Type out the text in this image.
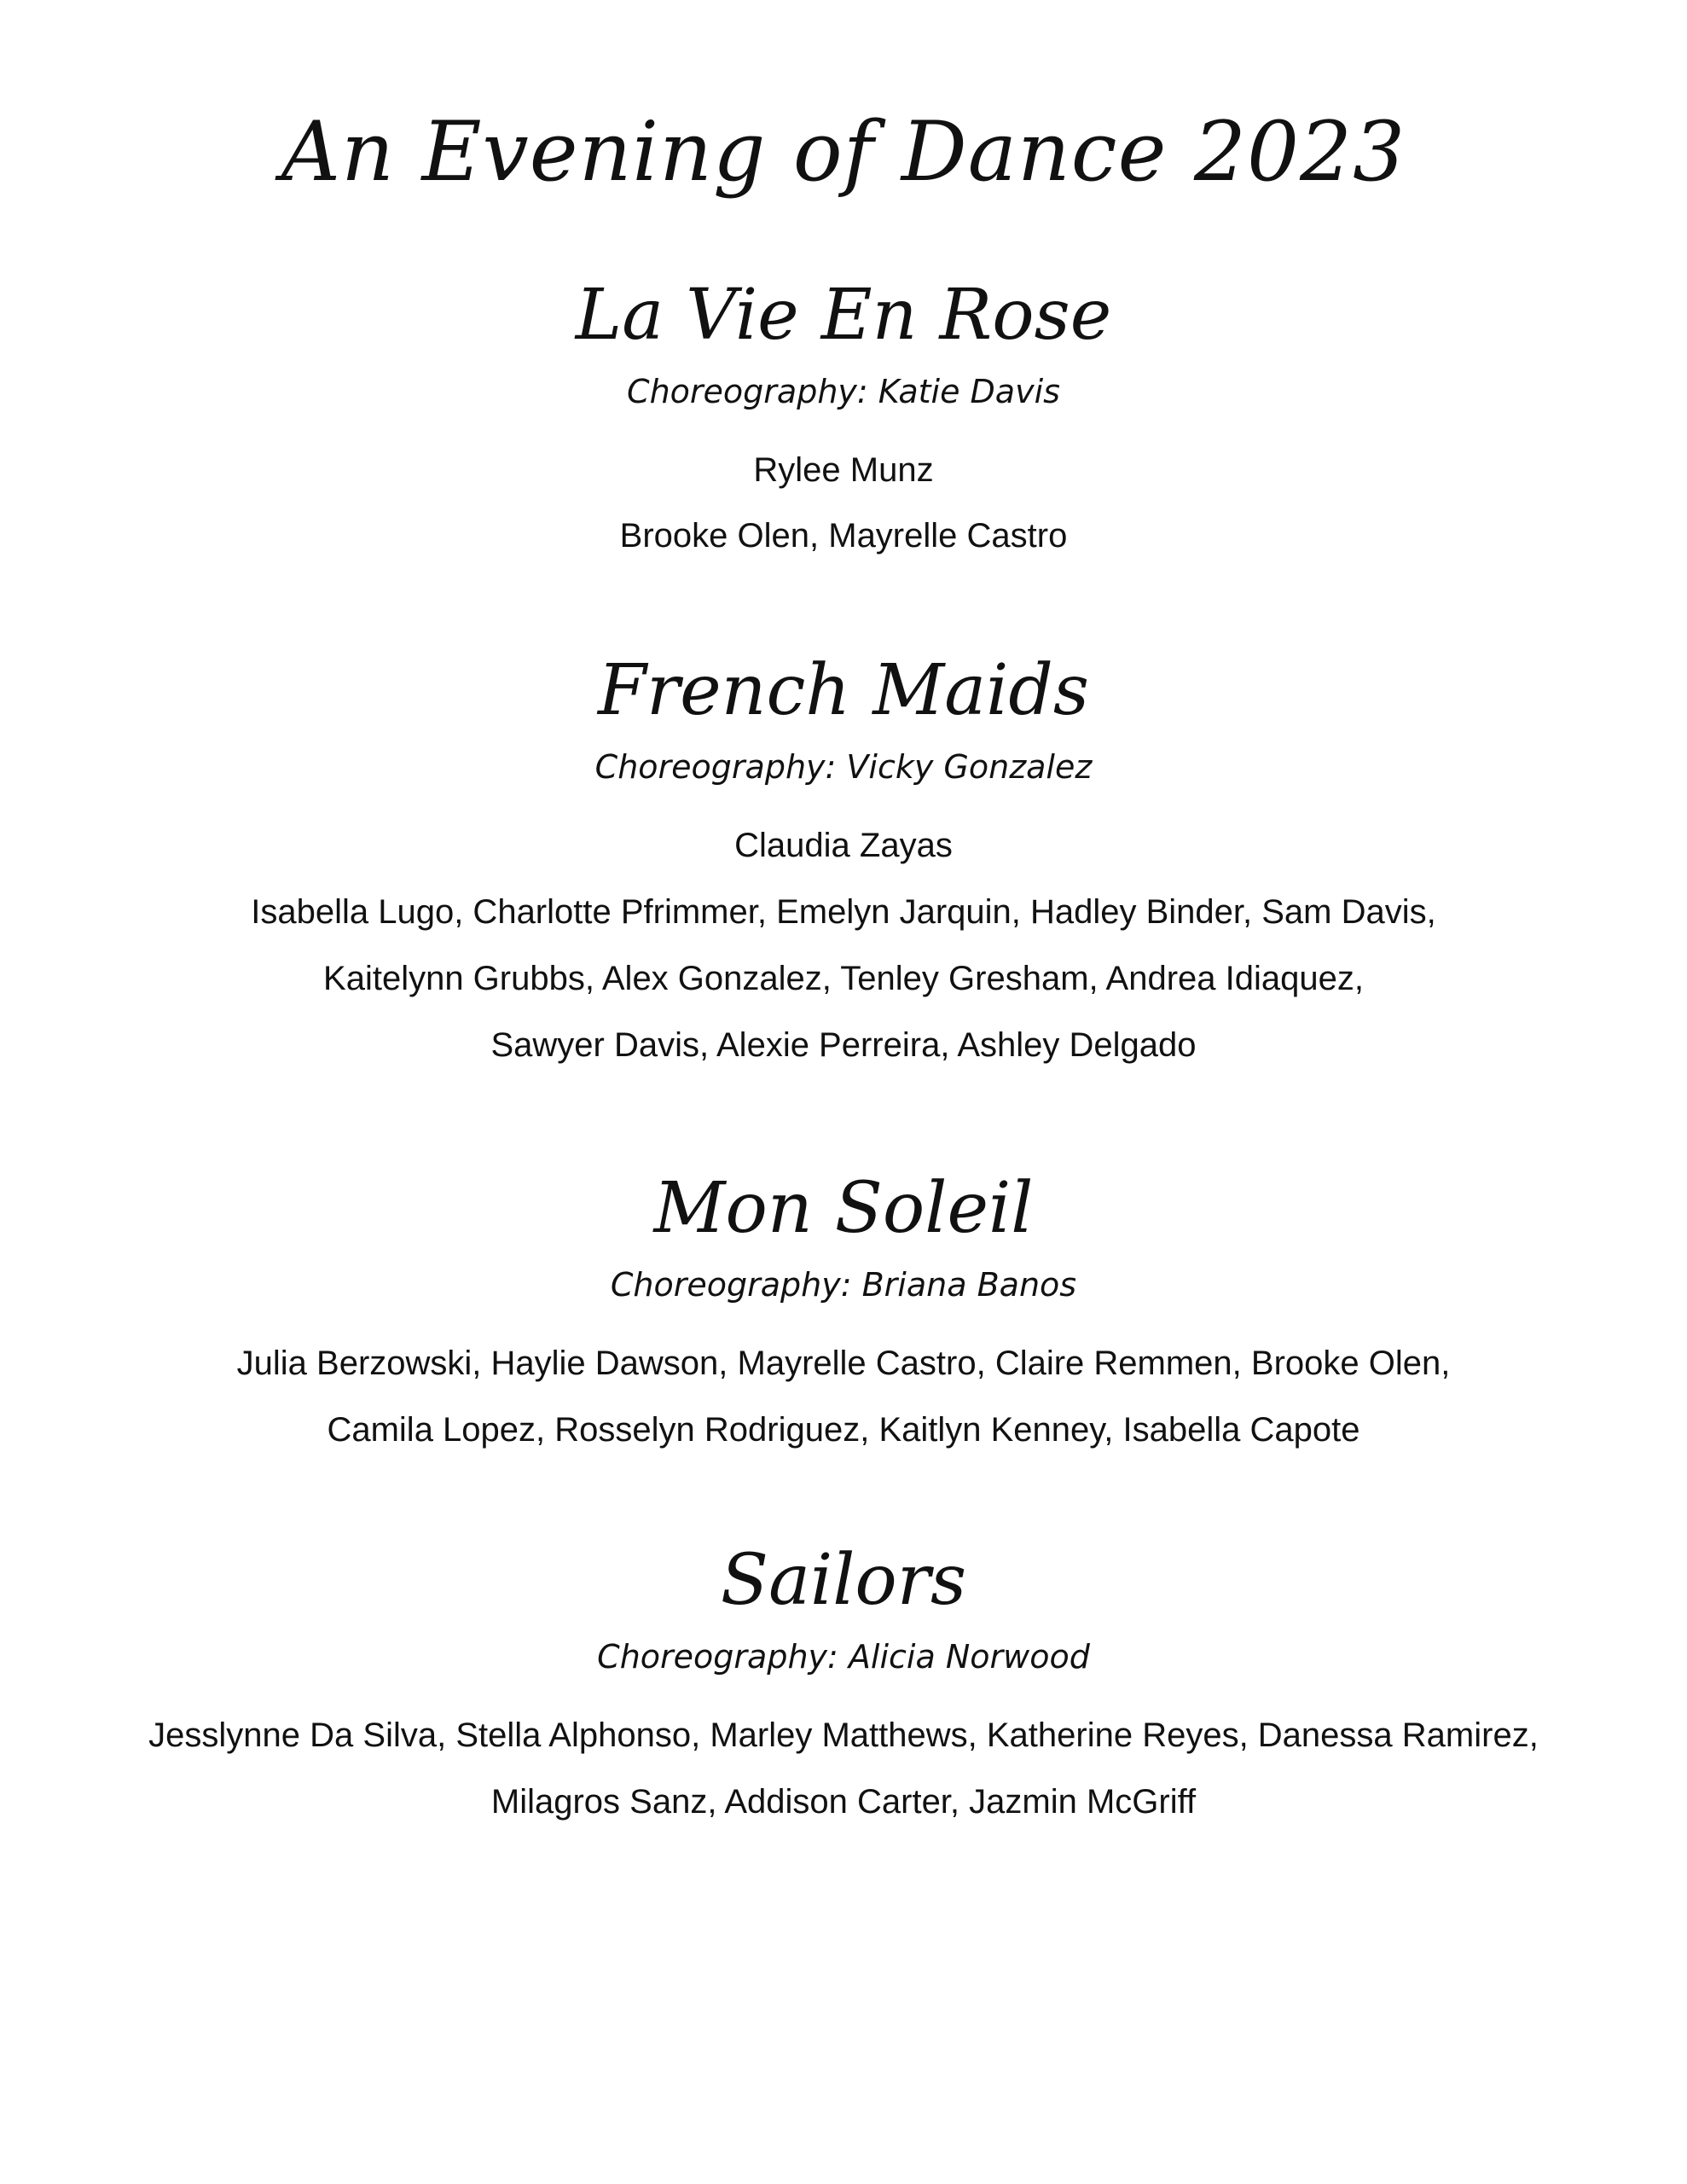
An Evening of Dance 2023
La Vie En Rose

Choreography: Katie Davis

Rylee Munz

Brooke Olen, Mayrelle Castro

French Maids

Choreography: Vicky Gonzalez

Claudia Zayas

Isabella Lugo, Charlotte Pfrimmer, Emelyn Jarquin, Hadley Binder, Sam Davis,

Kaitelynn Grubbs, Alex Gonzalez, Tenley Gresham, Andrea Idiaquez,

Sawyer Davis, Alexie Perreira, Ashley Delgado

Mon Soleil

Choreography: Briana Banos

Julia Berzowski, Haylie Dawson, Mayrelle Castro, Claire Remmen, Brooke Olen,

Camila Lopez, Rosselyn Rodriguez, Kaitlyn Kenney, Isabella Capote

Sailors

Choreography: Alicia Norwood

Jesslynne Da Silva, Stella Alphonso, Marley Matthews, Katherine Reyes, Danessa Ramirez,

Milagros Sanz, Addison Carter, Jazmin McGriff
